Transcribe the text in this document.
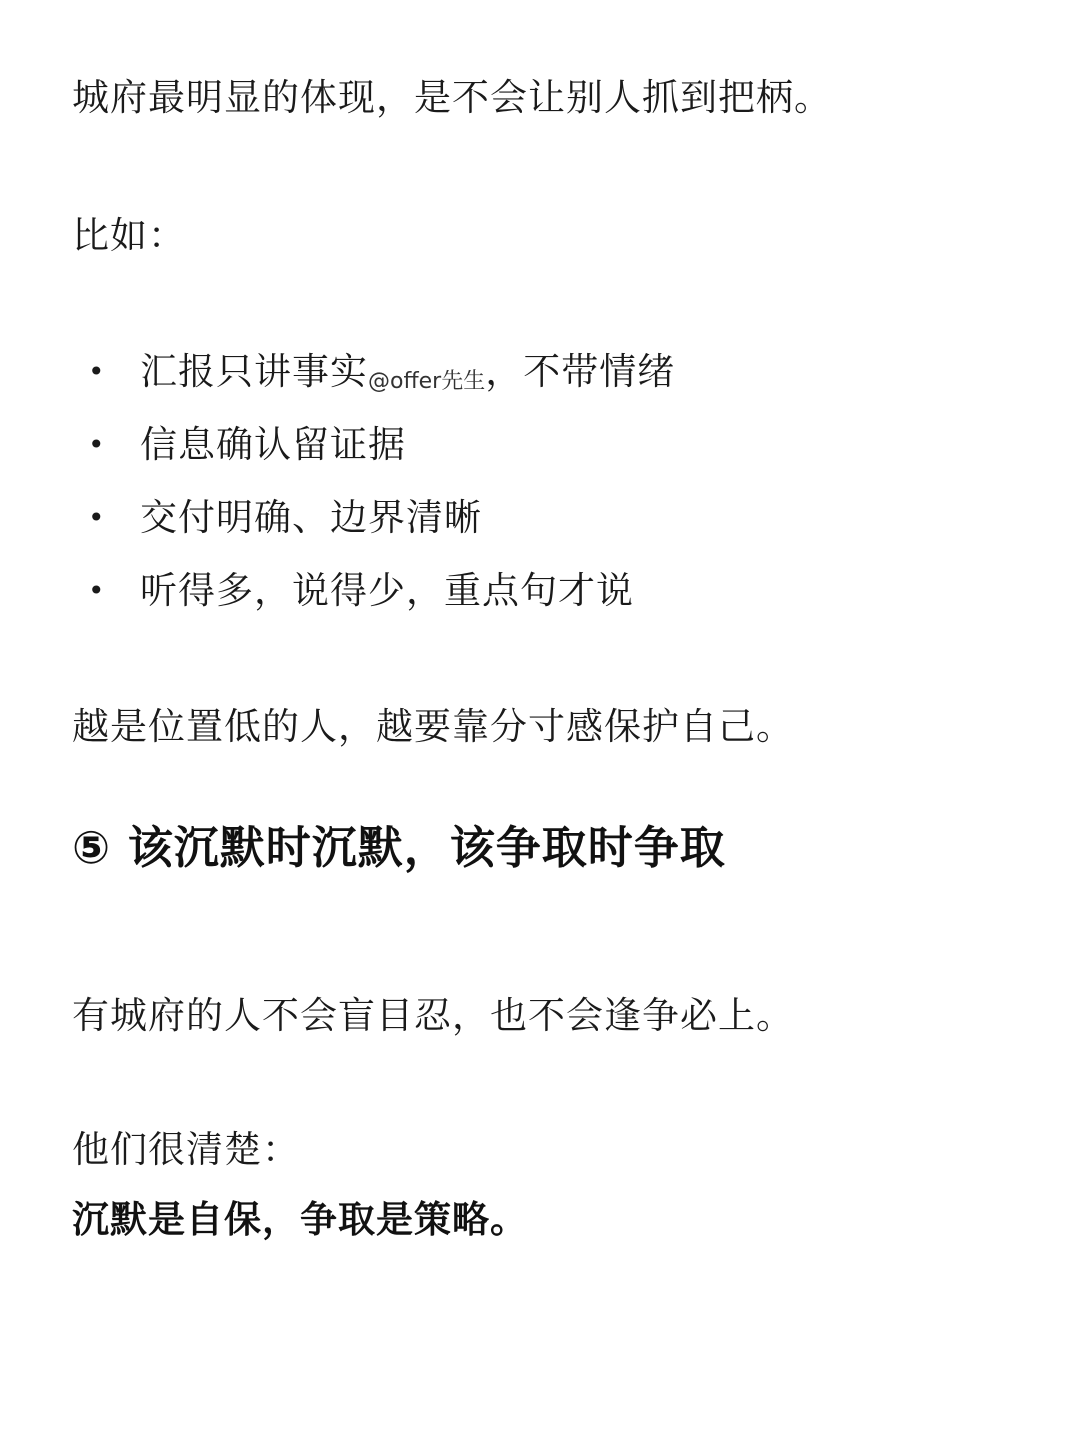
城府最明显的体现，是不会让别人抓到把柄。
比如：
• 汇报只讲事实@offer先生，不带情绪
• 信息确认留证据
• 交付明确、边界清晰
• 听得多，说得少，重点句才说
越是位置低的人，越要靠分寸感保护自己。
⑤ 该沉默时沉默，该争取时争取
有城府的人不会盲目忍，也不会逢争必上。
他们很清楚：
沉默是自保，争取是策略。
